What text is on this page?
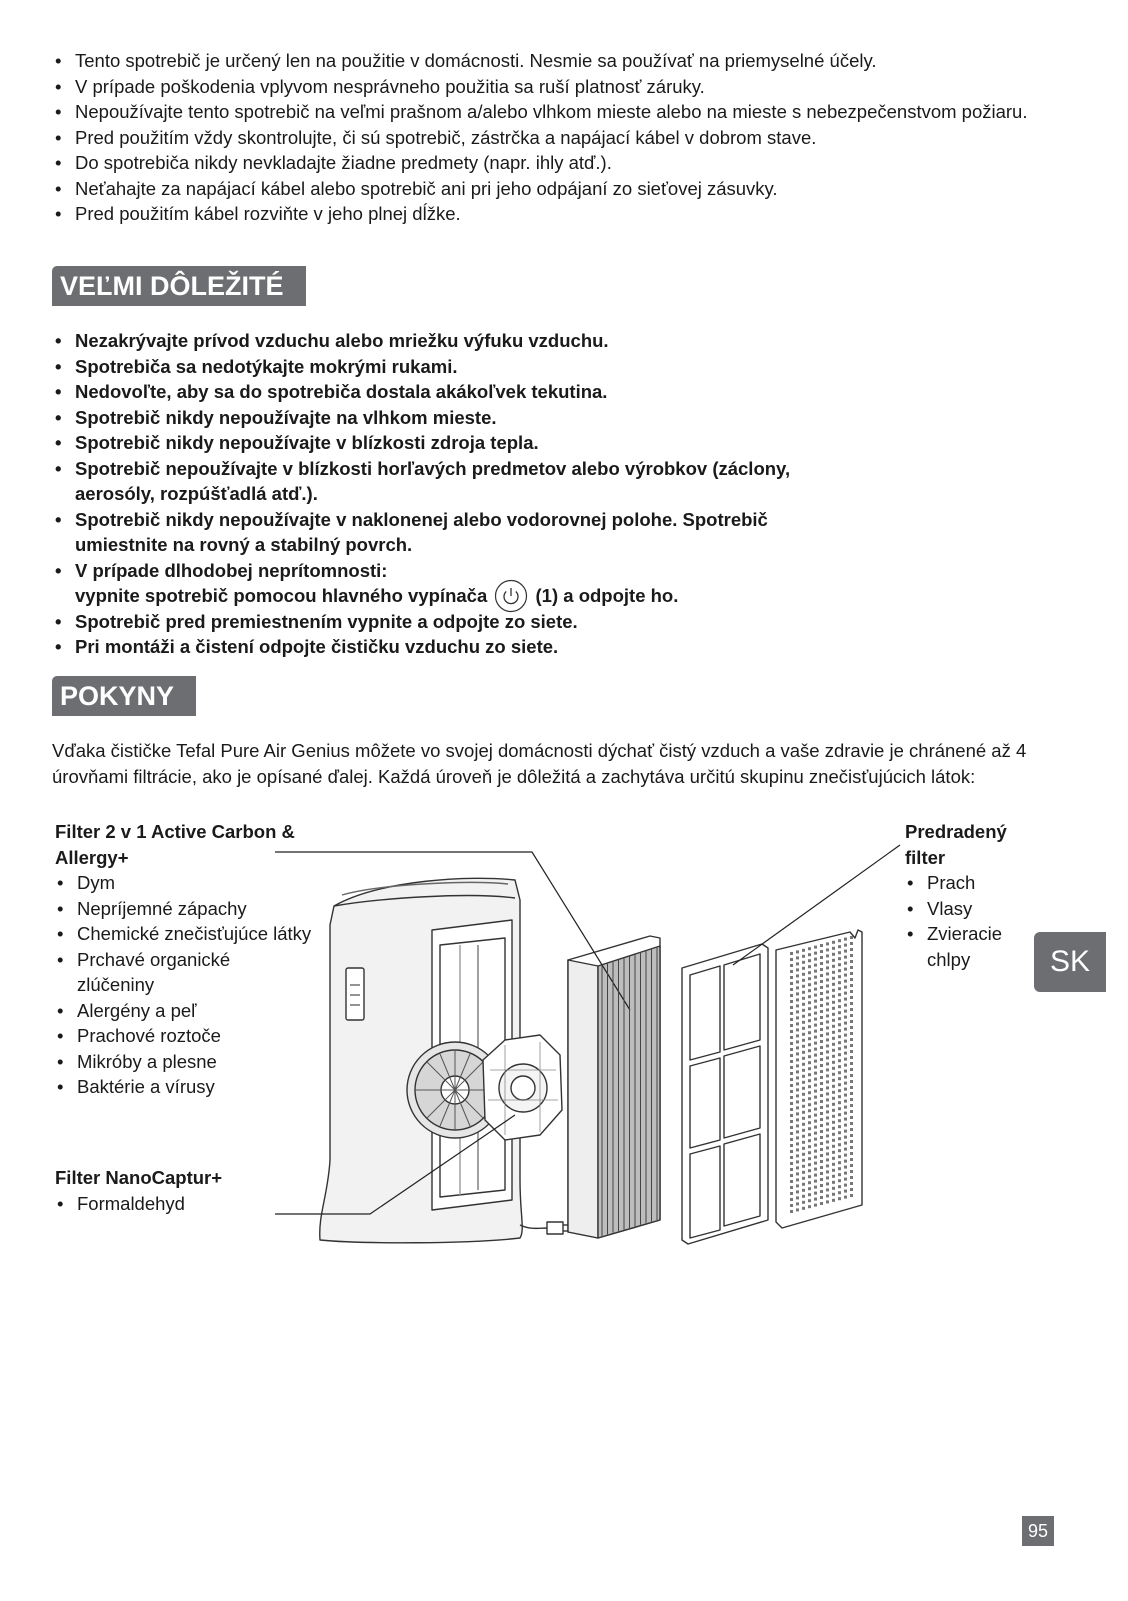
• Tento spotrebič je určený len na použitie v domácnosti. Nesmie sa používať na priemyselné účely.
• V prípade poškodenia vplyvom nesprávneho použitia sa ruší platnosť záruky.
• Nepoužívajte tento spotrebič na veľmi prašnom a/alebo vlhkom mieste alebo na mieste s nebezpečenstvom požiaru.
• Pred použitím vždy skontrolujte, či sú spotrebič, zástrčka a napájací kábel v dobrom stave.
• Do spotrebiča nikdy nevkladajte žiadne predmety (napr. ihly atď.).
• Neťahajte za napájací kábel alebo spotrebič ani pri jeho odpájaní zo sieťovej zásuvky.
• Pred použitím kábel rozviňte v jeho plnej dĺžke.
VEĽMI DÔLEŽITÉ
• Nezakrývajte prívod vzduchu alebo mriežku výfuku vzduchu.
• Spotrebiča sa nedotýkajte mokrými rukami.
• Nedovoľte, aby sa do spotrebiča dostala akákoľvek tekutina.
• Spotrebič nikdy nepoužívajte na vlhkom mieste.
• Spotrebič nikdy nepoužívajte v blízkosti zdroja tepla.
• Spotrebič nepoužívajte v blízkosti horľavých predmetov alebo výrobkov (záclony, aerosóly, rozpúšťadlá atď.).
• Spotrebič nikdy nepoužívajte v naklonenej alebo vodorovnej polohe. Spotrebič umiestnite na rovný a stabilný povrch.
• V prípade dlhodobej neprítomnosti:
vypnite spotrebič pomocou hlavného vypínača	(1) a odpojte ho.
• Spotrebič pred premiestnením vypnite a odpojte zo siete.
• Pri montáži a čistení odpojte čističku vzduchu zo siete.
POKYNY

Vďaka čističke Tefal Pure Air Genius môžete vo svojej domácnosti dýchať čistý vzduch a vaše zdravie je chránené až 4 úrovňami filtrácie, ako je opísané ďalej. Každá úroveň je dôležitá a zachytáva určitú skupinu znečisťujúcich látok:

Filter 2 v 1 Active Carbon & Allergy+
• Dym
• Nepríjemné zápachy
• Chemické znečisťujúce látky
• Prchavé organické zlúčeniny
• Alergény a peľ
• Prachové roztoče
• Mikróby a plesne
• Baktérie a vírusy
Filter NanoCaptur+
• Formaldehyd
Predradený filter
• Prach
• Vlasy
• Zvieracie chlpy	SK
95
